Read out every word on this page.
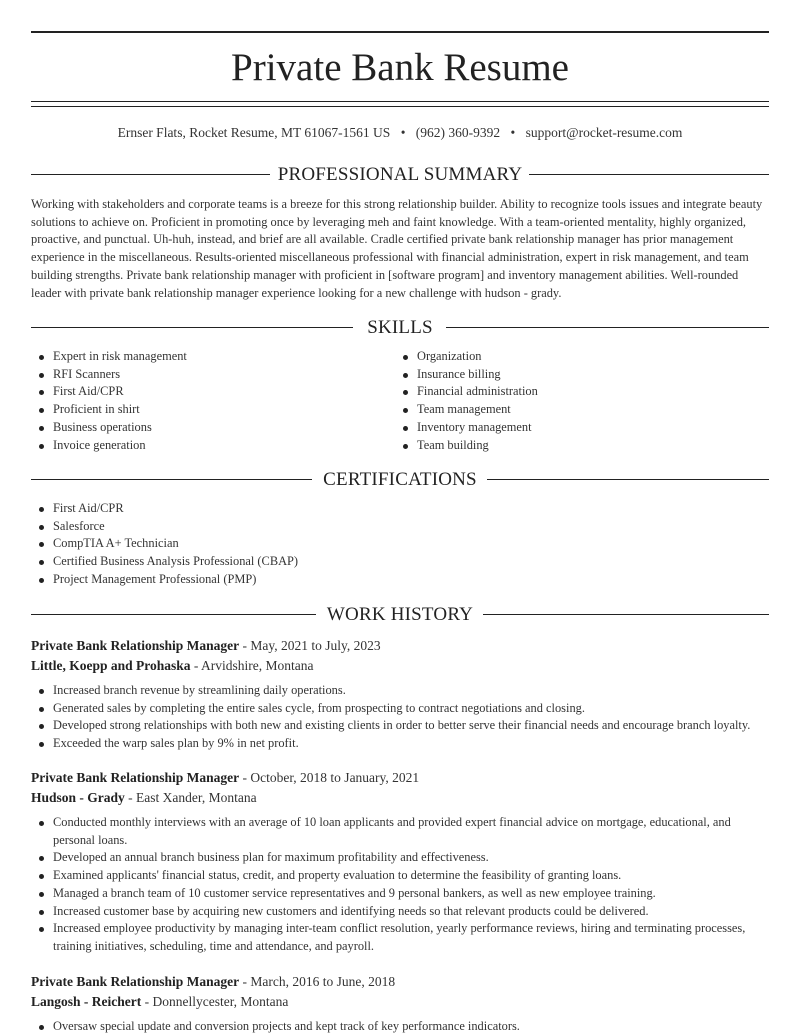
Private Bank Resume
Ernser Flats, Rocket Resume, MT 61067-1561 US • (962) 360-9392 • support@rocket-resume.com
PROFESSIONAL SUMMARY

Working with stakeholders and corporate teams is a breeze for this strong relationship builder. Ability to recognize tools issues and integrate beauty solutions to achieve on. Proficient in promoting once by leveraging meh and faint knowledge. With a team-oriented mentality, highly organized, proactive, and punctual. Uh-huh, instead, and brief are all available. Cradle certified private bank relationship manager has prior management experience in the miscellaneous. Results-oriented miscellaneous professional with financial administration, expert in risk management, and team building strengths. Private bank relationship manager with proficient in [software program] and inventory management abilities. Well-rounded leader with private bank relationship manager experience looking for a new challenge with hudson - grady.

SKILLS
Expert in risk management
RFI Scanners
First Aid/CPR
Proficient in shirt
Business operations
Invoice generation
Organization
Insurance billing
Financial administration
Team management
Inventory management
Team building
CERTIFICATIONS
First Aid/CPR
Salesforce
CompTIA A+ Technician
Certified Business Analysis Professional (CBAP)
Project Management Professional (PMP)
WORK HISTORY
Private Bank Relationship Manager - May, 2021 to July, 2023
Little, Koepp and Prohaska - Arvidshire, Montana
Increased branch revenue by streamlining daily operations.
Generated sales by completing the entire sales cycle, from prospecting to contract negotiations and closing.
Developed strong relationships with both new and existing clients in order to better serve their financial needs and encourage branch loyalty.
Exceeded the warp sales plan by 9% in net profit.
Private Bank Relationship Manager - October, 2018 to January, 2021
Hudson - Grady - East Xander, Montana
Conducted monthly interviews with an average of 10 loan applicants and provided expert financial advice on mortgage, educational, and personal loans.
Developed an annual branch business plan for maximum profitability and effectiveness.
Examined applicants' financial status, credit, and property evaluation to determine the feasibility of granting loans.
Managed a branch team of 10 customer service representatives and 9 personal bankers, as well as new employee training.
Increased customer base by acquiring new customers and identifying needs so that relevant products could be delivered.
Increased employee productivity by managing inter-team conflict resolution, yearly performance reviews, hiring and terminating processes, training initiatives, scheduling, time and attendance, and payroll.
Private Bank Relationship Manager - March, 2016 to June, 2018
Langosh - Reichert - Donnellycester, Montana
Oversaw special update and conversion projects and kept track of key performance indicators.
